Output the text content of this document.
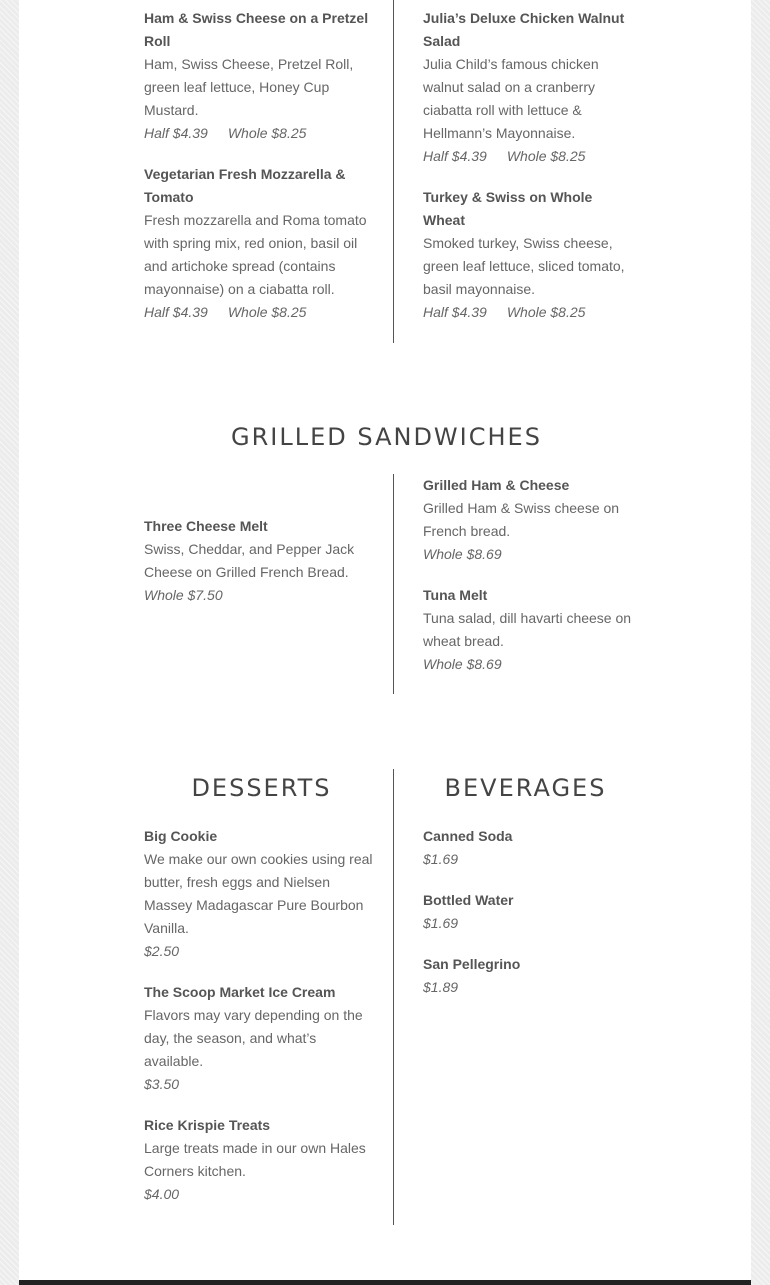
Ham & Swiss Cheese on a Pretzel Roll
Ham, Swiss Cheese, Pretzel Roll, green leaf lettuce, Honey Cup Mustard.
Half $4.39 Whole $8.25
Vegetarian Fresh Mozzarella & Tomato
Fresh mozzarella and Roma tomato with spring mix, red onion, basil oil and artichoke spread (contains mayonnaise) on a ciabatta roll.
Half $4.39 Whole $8.25
Julia’s Deluxe Chicken Walnut Salad
Julia Child’s famous chicken walnut salad on a cranberry ciabatta roll with lettuce & Hellmann’s Mayonnaise.
Half $4.39 Whole $8.25
Turkey & Swiss on Whole Wheat
Smoked turkey, Swiss cheese, green leaf lettuce, sliced tomato, basil mayonnaise.
Half $4.39 Whole $8.25
GRILLED SANDWICHES
Three Cheese Melt
Swiss, Cheddar, and Pepper Jack Cheese on Grilled French Bread.
Whole $7.50
Grilled Ham & Cheese
Grilled Ham & Swiss cheese on French bread.
Whole $8.69
Tuna Melt
Tuna salad, dill havarti cheese on wheat bread.
Whole $8.69
DESSERTS	BEVERAGES
Big Cookie
We make our own cookies using real butter, fresh eggs and Nielsen Massey Madagascar Pure Bourbon Vanilla.
$2.50
The Scoop Market Ice Cream
Flavors may vary depending on the day, the season, and what’s available.
$3.50
Rice Krispie Treats
Large treats made in our own Hales Corners kitchen.
$4.00
Canned Soda
$1.69
Bottled Water
$1.69
San Pellegrino
$1.89
